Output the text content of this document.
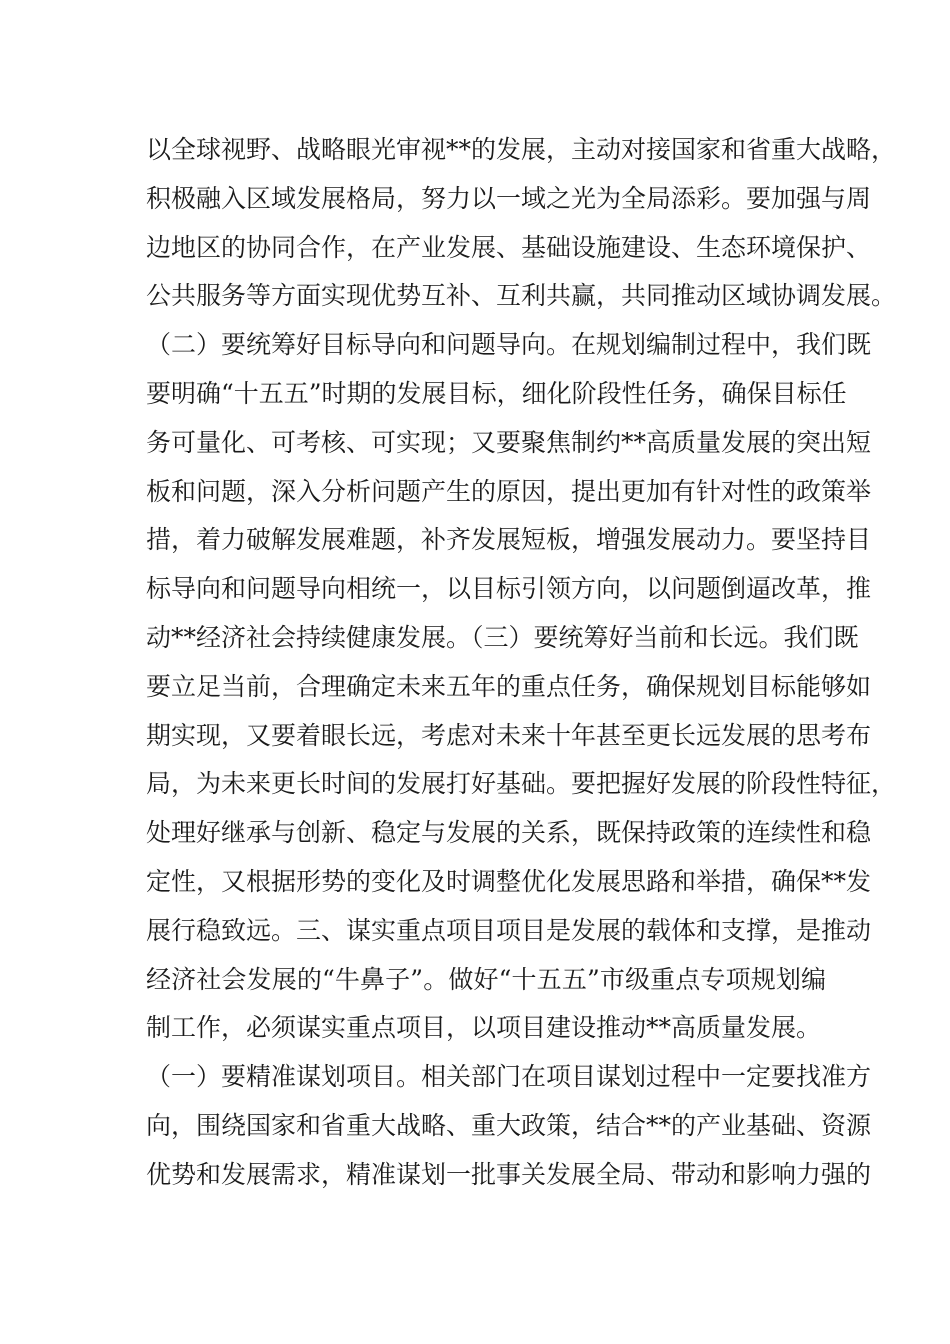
以全球视野、战略眼光审视**的发展，主动对接国家和省重大战略，
积极融入区域发展格局，努力以一域之光为全局添彩。要加强与周
边地区的协同合作，在产业发展、基础设施建设、生态环境保护、
公共服务等方面实现优势互补、互利共赢，共同推动区域协调发展。
（二）要统筹好目标导向和问题导向。在规划编制过程中，我们既
要明确“十五五”时期的发展目标，细化阶段性任务，确保目标任
务可量化、可考核、可实现；又要聚焦制约**高质量发展的突出短
板和问题，深入分析问题产生的原因，提出更加有针对性的政策举
措，着力破解发展难题，补齐发展短板，增强发展动力。要坚持目
标导向和问题导向相统一，以目标引领方向，以问题倒逼改革，推
动**经济社会持续健康发展。（三）要统筹好当前和长远。我们既
要立足当前，合理确定未来五年的重点任务，确保规划目标能够如
期实现，又要着眼长远，考虑对未来十年甚至更长远发展的思考布
局，为未来更长时间的发展打好基础。要把握好发展的阶段性特征，
处理好继承与创新、稳定与发展的关系，既保持政策的连续性和稳
定性，又根据形势的变化及时调整优化发展思路和举措，确保**发
展行稳致远。三、谋实重点项目项目是发展的载体和支撑，是推动
经济社会发展的“牛鼻子”。做好“十五五”市级重点专项规划编
制工作，必须谋实重点项目，以项目建设推动**高质量发展。
（一）要精准谋划项目。相关部门在项目谋划过程中一定要找准方
向，围绕国家和省重大战略、重大政策，结合**的产业基础、资源
优势和发展需求，精准谋划一批事关发展全局、带动和影响力强的
